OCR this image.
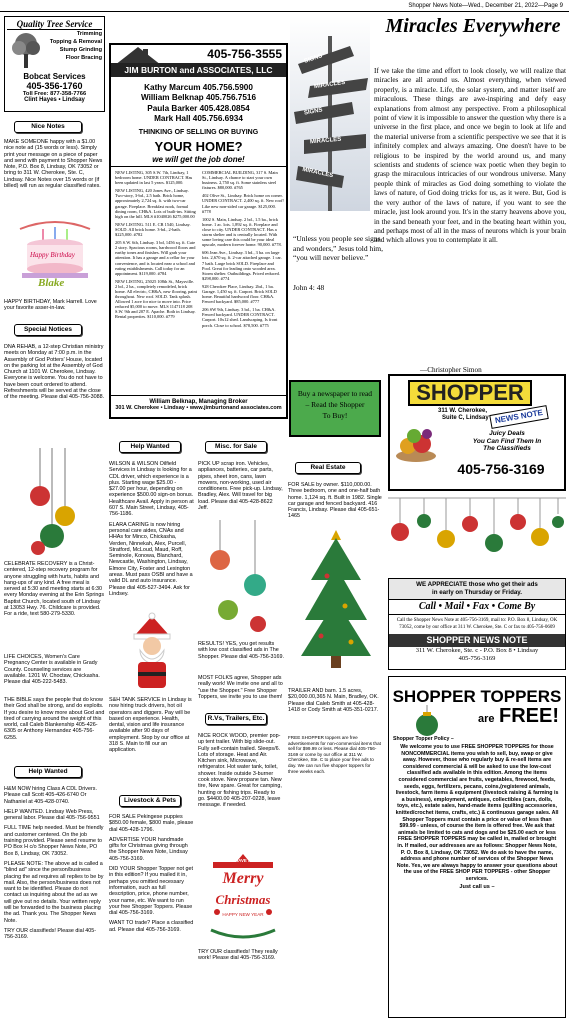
Shopper News Note—Wed., December 21, 2022—Page 9
Quality Tree Service
Trimming
Topping & Removal
Stump Grinding
Floor Bracing
Bobcat Services
405-356-1760
Toll Free: 877-358-7766
Clint Hayes • Lindsay
Nice Notes
MAKE SOMEONE happy with a $1.00 nice note ad (15 words or less). Simply print your message on a piece of paper and send with payment to Shopper News Note, P.O. Box 8, Lindsay, OK 73052 or bring to 311 W. Cherokee, Ste. C, Lindsay. Nice Notes over 15 words or (if billed) will run as regular classified rates.
Happy Birthday
Blake
HAPPY BIRTHDAY, Mark Harrell. Love your favorite asser-in-law.
Special Notices
DNA REHAB, a 12-step Christian ministry meets on Monday at 7:00 p.m. in the Assembly of God Potters' House, located on the parking lot at the Assembly of God Church at 1101 W. Cherokee, Lindsay. Everyone is welcome. You do not have to have been court ordered to attend. Refreshments will be served at the close of the meeting. Please dial 405-756-3088.
CELEBRATE RECOVERY is a Christ-centered, 12-step recovery program for anyone struggling with hurts, habits and hang-ups of any kind. A free meal is served at 5:30 and meeting starts at 6:30 every Monday evening at the Erin Springs Baptist Church, located south of Lindsay at 13053 Hwy. 76. Childcare is provided. For a ride, text 580-279-5330.
LIFE CHOICES, Women's Care Pregnancy Center is available in Grady County. Counseling services are available. 1201 W. Choctaw, Chickasha. Please dial 405-222-5483.
THE BIBLE says the people that do know their God shall be strong, and do exploits. If you desire to know more about God and tired of carrying around the weight of this world, call Caleb Blankenship 405-426-6305 or Anthony Hernandez 405-756-6255.
Help Wanted
H&M NOW hiring Class A CDL Drivers. Please call Scott 405-426-6740 Or Nathaniel at 405-428-0740.
HELP WANTED. Lindsay Web Press, general labor. Please dial 405-756-9551
FULL TIME help needed. Must be friendly and customer centered. On the job training provided. Please send resume to PO Box H c/o Shopper News Note, PO Box 8, Lindsay, OK 73052.
PLEASE NOTE: The above ad is called a "blind ad" since the person/business placing the ad requires all replies to be by mail. Also, the person/business does not want to be identified. Please do not contact us inquiring about the ad as we will give out no details. Your written reply will be forwarded to the business placing the ad. Thank you. The Shopper News Note.
TRY OUR classifieds! Please dial 405-756-3169.
405-756-3555
JIM BURTON and ASSOCIATES, LLC
Kathy Marcum 405.756.5900
William Belknap 405.756.7516
Paula Barker 405.428.0854
Mark Hall 405.756.6934
THINKING OF SELLING OR BUYING
YOUR HOME?
we will get the job done!
NEW LISTING, 305 S.W. 7th, Lindsay, 1 bedroom home. UNDER CONTRACT. Has been updated in last 5 years. $125,000.
NEW LISTING, 420 Jones Ave., Lindsay. Two-story, 3-bd., 2.5 bath. Brick home, approximately 2,724 sq. ft. with two-car garage. Fireplace. Breakfast nook, formal dining room, CH&A. Lots of built-ins. Sitting high on the hill. MLS #1040026 $275,000.00
NEW LISTING. 511 E. CR 1540, Lindsay. SOLD. All brick home. 3-bd., 2-bath. $225,000. #782
205 S.W. 6th, Lindsay. 3 bd, 1456 sq. ft. Cute 2 story. Spacious rooms, hardwood floors and earthy tones and finishes. Will grab your attention. It has a garage and a cellar for your convenience, and is located near a school and eating establishments. Call today for an appointment. $119,000. #784
NEW LISTING, 25025 108th St., Maysville. 2 bd., 2 ba., completely remodeled, brick home. All electric, CH&A, new flooring, paint throughout. New roof. SOLD. Tank splash. Allowed 1 acre for nice to move into. Price reduced $5,000 to move. MLS 1147118 208 S.W. 9th and 207 E. Apache. Both in Lindsay. Rental properties. $110,000. #779
COMMERCIAL BUILDING, 317 S. Main St., Lindsay. A chance to start your own business. 2,750 sq. ft. Some stainless steel fixtures. $80,000. #765
402 Olive St., Lindsay. Brick home on corner. UNDER CONTRACT. 2,400 sq. ft. New roof! Like new non-sided car garage. $125,000. #778
1002 S. Main, Lindsay. 2 bd., 1.5 ba., brick home. 1 ac. lots. 1,892 sq. ft. Fireplace and close to city. UNDER CONTRACT. Has a storm shelter and is centrally located. With some loving care this could be your ideal upscale, modern forever home. 90,000. #778.
606 Jean Ave., Lindsay. 3 bd., 3 ba. on large lots. 2,670 sq. ft. 2-car attached garage. 1 car. 7 bath. Large brick SOLD. Fireplace and Pool. Great for leading onto wooded area. Storm shelter. Outbuildings. Priced reduced. $298,000. #774
928 Cherokee Place, Lindsay. 2bd., 1 ba. Garage. 1,450 sq. ft. Carport. Brick SOLD home. Beautiful hardwood floor. CH&A. Fenced backyard. $85,000. #777
206 SW 9th, Lindsay. 3 bd., 1 ba. CH&A. Fenced backyard. UNDER CONTRACT. Carport. 10x12 shed. Landscaping. Is front porch. Close to school. $78,500. #775
William Belknap, Managing Broker
301 W. Cherokee • Lindsay • www.jimburtonand associates.com
Help Wanted
WILSON & WILSON Oilfield Services in Lindsay is looking for a CDL driver, which experience is a plus. Starting wage $25.00 - $27.00 per hour, depending on experience $500.00 sign-on bonus. Healthcare Avail. Apply in person at 607 S. Main Street, Lindsay, 405-756-1186.
ELARA CARING is now hiring personal care aides, CNAs and HHAs for Minco, Chickasha, Verden, Ninnekah, Alex, Purcell, Stratford, McLoud, Maud, Roff, Seminole, Konowa, Blanchard, Newcastle, Washington, Lindsay, Elmore City, Foster and Lexington areas. Must pass OSBI and have a valid DL and auto insurance. Please dial 405-527-3494. Ask for Lindsey.
S&H TANK SERVICE in Lindsay is now hiring truck drivers, hot oil operators and diggers. Pay will be based on experience. Health, dental, vision and life insurance available after 90 days of employment. Stop by our office at 318 S. Main to fill our an application.
Livestock & Pets
FOR SALE Pekingese puppies $850.00 female, $800 male, please dial 405-428-1796.
ADVERTISE YOUR handmade gifts for Christmas giving through the Shopper News Note, Lindsay 405-756-3169.
DID YOUR Shopper Topper not get in this edition? If you mailed it in, perhaps you omitted necessary information, such as full description, price, phone number, your name, etc. We want to run your free Shopper Toppers. Please dial 405-756-3169.
WANT TO trade? Place a classified ad. Please dial 405-756-3169.
Misc. for Sale
PICK UP scrap iron. Vehicles, appliances, batteries, car parts, pipes, sheet iron, cans, lawn mowers, non-working, used air conditioners. Free pick-up. Lindsay, Bradley, Alex. Will travel for big load. Please dial 405-428-8622 Jeff.
RESULTS! YES, you get results with low cost classified ads in The Shopper. Please dial 405-756-3169.
MOST FOLKS agree, Shopper ads really work! We invite one and all to "use the Shopper." Free Shopper Toppers, we invite you to use them!
R.Vs, Trailers, Etc.
NICE ROCK WOOD, premier pop- up tent trailer. With big slide-out. Fully self-contain trailed. Sleeps/6. Lots of storage. Heat and Air. Kitchen sink, Microwave, refrigerator. Hot water tank, toilet, shower. Inside outside 3-burner cook stove. New propane tan. New tire, New spare. Great for camping, hunting or fishing trips. Ready to go. $4400.00 405-207-0228, leave message. if needed.
HAVE A
Merry
Christmas
HAPPY NEW YEAR
TRY OUR classifieds! They really work! Please dial 405-756-3169.
SIGNS
MIRACLES
SIGNS
MIRACLES
MIRACLES
“Unless you people see signs and wonders,” Jesus told him, “you will never believe.”
John 4: 48
Miracles Everywhere
If we take the time and effort to look closely, we will realize that miracles are all around us. Almost everything, when viewed properly, is a miracle. Life, the solar system, and matter itself are miraculous. These things are awe-inspiring and defy easy explanations from almost any perspective. From a philosophical point of view it is impossible to answer the question why there is a universe in the first place, and once we begin to look at life and the material universe from a scientific perspective we see that it is infinitely complex and always amazing. One doesn't have to be religious to be inspired by the world around us, and many scientists and students of science wax poetic when they begin to grasp the miraculous intricacies of our wondrous universe. Many people think of miracles as God doing something to violate the laws of nature, of God doing tricks for us, as it were. But, God is the very author of the laws of nature, if you want to see the miracle, just look around you. It's in the starry heavens above you, in the sand beneath your feet, and in the beating heart within you, and perhaps most of all in the mass of neurons which is your brain and which allows you to contemplate it all.
—Christopher Simon
Buy a newspaper to read
– Read the Shopper
To Buy!
Real Estate
FOR SALE by owner. $110,000.00. Three bedroom, one and one-half bath home. 1,124 sq. ft. Built in 1982. Single car garage and fenced backyard. 416 Francis, Lindsay. Please dial 405-651-1465
SHOPPER
NEWS NOTE
311 W. Cherokee,
Suite C, Lindsay
Juicy Deals
You Can Find Them In
The Classifieds
405-756-3169
WE APPRECIATE those who get their ads
in early on Thursday or Friday.
Call • Mail • Fax • Come By
Call the Shopper News Note at 405-756-3169, mail to: P.O. Box 8, Lindsay, OK 73052, come by our office at 311 W. Cherokee, Ste. C or fax to 405-756-0609
SHOPPER NEWS NOTE
311 W. Cherokee, Ste. c - P.O. Box 8 • Lindsay
405-756-3169
TRAILER AND barn. 1.5 acres, $20,000.00,365 N. Main, Bradley, OK. Please dial Caleb Smith at 405-428-1418 or Cody Smith at 405-351-0217.
FREE SHOPPER toppers are free advertisements for non-commercial items that sell for $99.99 or less. Please dial 405-756-3169 or come by our office at 311 W. Cherokee, Ste. C to place your free ads to day. We can run five shopper toppers for three weeks each.
SHOPPER TOPPERS
are FREE!
Shopper Topper Policy –
We welcome you to use FREE SHOPPER TOPPERS for those NONCOMMERCIAL items you wish to sell, buy, swap or give away. However, those who regularly buy & re-sell items are considered commercial & will be asked to use the low-cost classified ads available in this edition. Among the items considered commercial are fruits, vegetables, firewood, feeds, seeds, eggs, fertilizers, pecans, coins,(registered animals, livestock, farm items & equipment (livestock raising & farming is a business), employment, antiques, collectibles (cars, dolls, toys, etc.), estate sales, hand-made items (quilting accessories, knitted/crochet items, crafts, etc.) & continuous garage sales. All Shopper Toppers must contain a price or value of less than $99.99 - unless, of course the item is offered free. We ask that animals be limited to cats and dogs and be $25.00 each or less FREE SHOPPER TOPPERS may be called in, mailed or brought in. If mailed, our addresses are as follows: Shopper News Note, P. O. Box 8, Lindsay, OK 73052. We do ask to have the name, address and phone number of services of the Shopper News Note. Yes, we are always happy to answer your questions about the use of the FREE SHOP PER TOPPERS - other Shopper services.
Just call us –
